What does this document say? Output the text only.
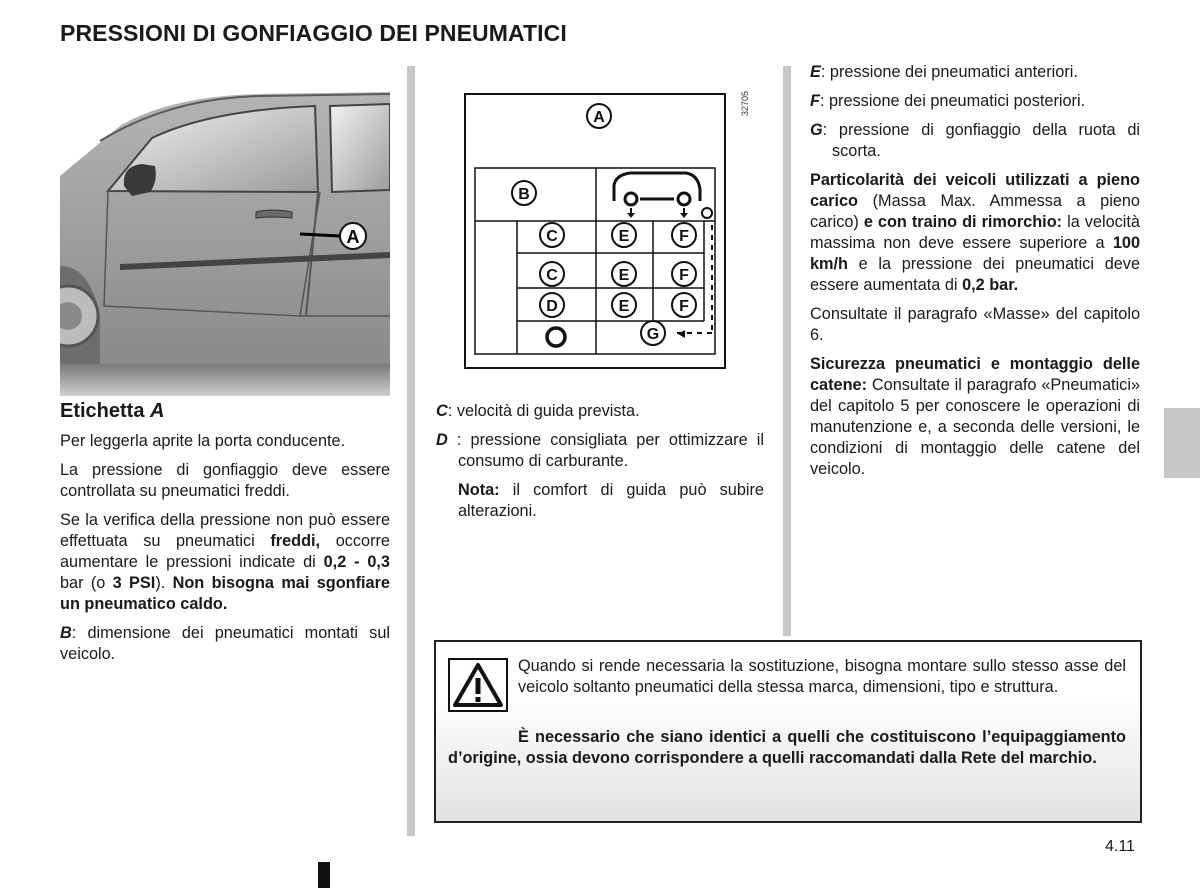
PRESSIONI DI GONFIAGGIO DEI PNEUMATICI
32705
A
A
B
C	E	F
C	E	F
D	E	F
G

Etichetta A

Per leggerla aprite la porta conducente.

La pressione di gonfiaggio deve essere controllata su pneumatici freddi.

Se la verifica della pressione non può essere effettuata su pneumatici freddi, occorre aumentare le pressioni indicate di 0,2 - 0,3 bar (o 3 PSI). Non bisogna mai sgonfiare un pneumatico caldo.

B: dimensione dei pneumatici montati sul veicolo.

C: velocità di guida prevista.

D : pressione consigliata per ottimizzare il consumo di carburante.

Nota: il comfort di guida può subire alterazioni.

E: pressione dei pneumatici anteriori.

F: pressione dei pneumatici posteriori.

G: pressione di gonfiaggio della ruota di scorta.

Particolarità dei veicoli utilizzati a pieno carico (Massa Max. Ammessa a pieno carico) e con traino di rimorchio: la velocità massima non deve essere superiore a 100 km/h e la pressione dei pneumatici deve essere aumentata di 0,2 bar.

Consultate il paragrafo «Masse» del capitolo 6.

Sicurezza pneumatici e montaggio delle catene: Consultate il paragrafo «Pneumatici» del capitolo 5 per conoscere le operazioni di manutenzione e, a seconda delle versioni, le condizioni di montaggio delle catene del veicolo.

Quando si rende necessaria la sostituzione, bisogna montare sullo stesso asse del veicolo soltanto pneumatici della stessa marca, dimensioni, tipo e struttura.
È necessario che siano identici a quelli che costituiscono l’equipaggiamento d’origine, ossia devono corrispondere a quelli raccomandati dalla Rete del marchio.
4.11
